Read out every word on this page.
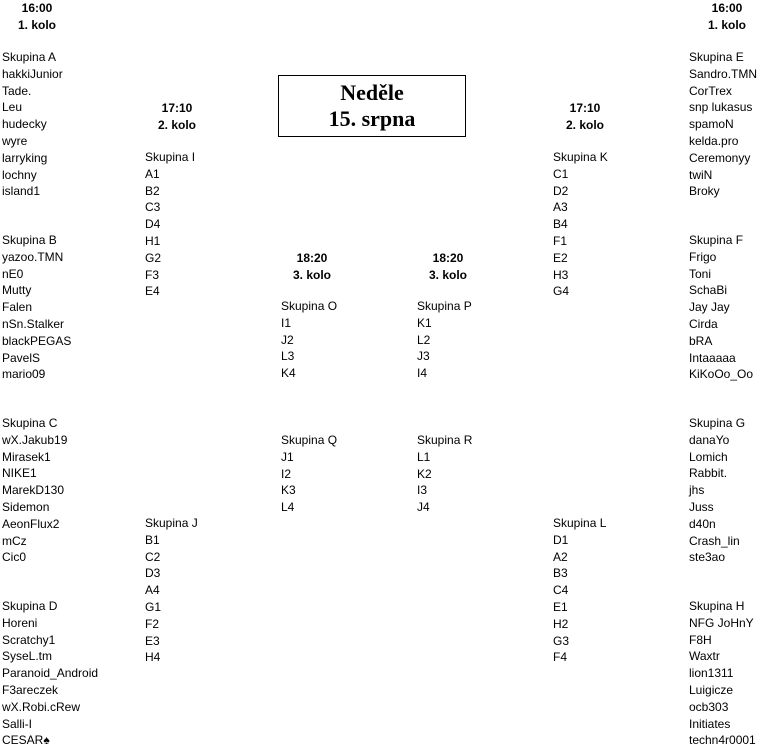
Neděle
15. srpna
16:00
1. kolo
16:00
1. kolo
17:10
2. kolo
17:10
2. kolo
18:20
3. kolo
18:20
3. kolo
Skupina A
hakkiJunior
Tade.
Leu
hudecky
wyre
larryking
lochny
island1
Skupina B
yazoo.TMN
nE0
Mutty
Falen
nSn.Stalker
blackPEGAS
PavelS
mario09
Skupina C
wX.Jakub19
Mirasek1
NIKE1
MarekD130
Sidemon
AeonFlux2
mCz
Cic0
Skupina D
Horeni
Scratchy1
SyseL.tm
Paranoid_Android
F3areczek
wX.Robi.cRew
Salli-I
CESAR♠
Skupina E
Sandro.TMN
CorTrex
snp lukasus
spamoN
kelda.pro
Ceremonyy
twiN
Broky
Skupina F
Frigo
Toni
SchaBi
Jay Jay
Cirda
bRA
Intaaaaa
KiKoOo_Oo
Skupina G
danaYo
Lomich
Rabbit.
jhs
Juss
d40n
Crash_lin
ste3ao
Skupina H
NFG JoHnY
F8H
Waxtr
lion1311
Luigicze
ocb303
Initiates
techn4r0001
Skupina I
A1
B2
C3
D4
H1
G2
F3
E4
Skupina J
B1
C2
D3
A4
G1
F2
E3
H4
Skupina K
C1
D2
A3
B4
F1
E2
H3
G4
Skupina L
D1
A2
B3
C4
E1
H2
G3
F4
Skupina O
I1
J2
L3
K4
Skupina P
K1
L2
J3
I4
Skupina Q
J1
I2
K3
L4
Skupina R
L1
K2
I3
J4
